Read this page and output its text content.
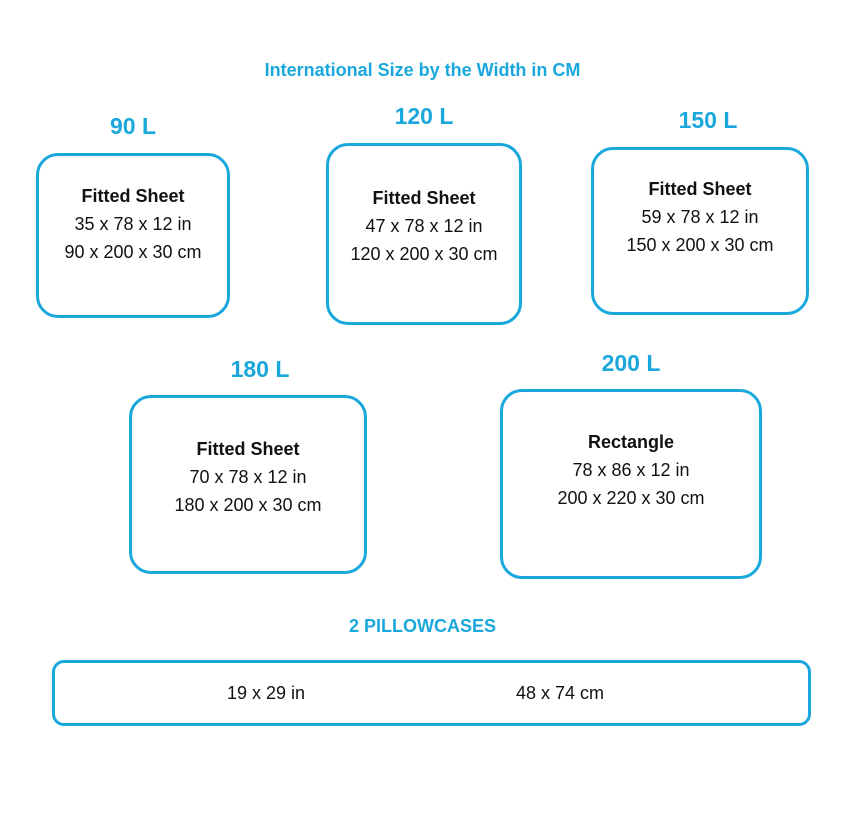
International Size by the Width in CM
90 L
Fitted Sheet
35 x 78 x 12 in
90 x 200 x 30 cm
120 L
Fitted Sheet
47 x 78 x 12 in
120 x 200 x 30 cm
150 L
Fitted Sheet
59 x 78 x 12 in
150 x 200 x 30 cm
180 L
Fitted Sheet
70 x 78 x 12 in
180 x 200 x 30 cm
200 L
Rectangle
78 x 86 x 12 in
200 x 220 x 30 cm
2 PILLOWCASES
19 x 29 in	48 x 74 cm
